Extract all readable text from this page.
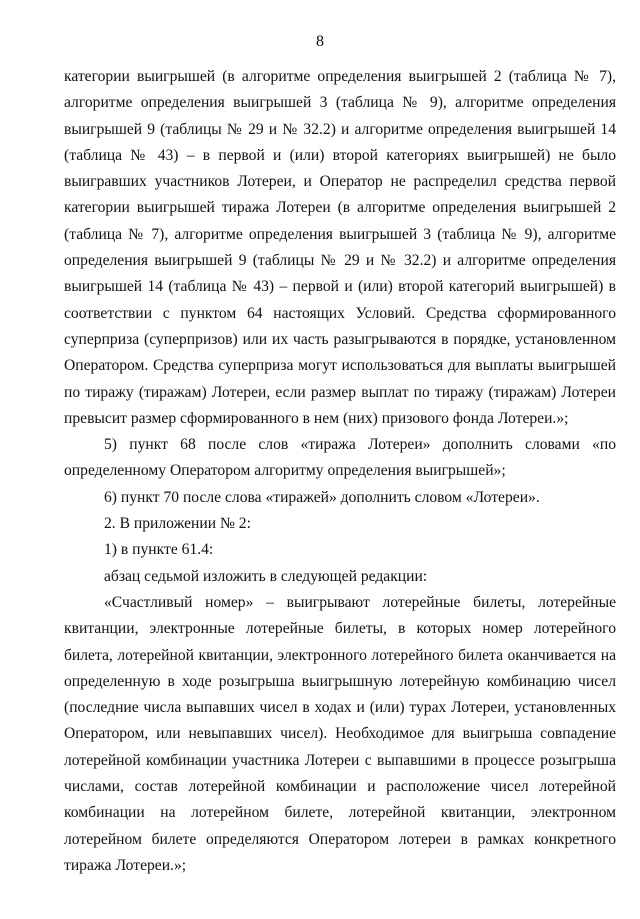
8

категории выигрышей (в алгоритме определения выигрышей 2 (таблица № 7), алгоритме определения выигрышей 3 (таблица № 9), алгоритме определения выигрышей 9 (таблицы № 29 и № 32.2) и алгоритме определения выигрышей 14 (таблица № 43) – в первой и (или) второй категориях выигрышей) не было выигравших участников Лотереи, и Оператор не распределил средства первой категории выигрышей тиража Лотереи (в алгоритме определения выигрышей 2 (таблица № 7), алгоритме определения выигрышей 3 (таблица № 9), алгоритме определения выигрышей 9 (таблицы № 29 и № 32.2) и алгоритме определения выигрышей 14 (таблица № 43) – первой и (или) второй категорий выигрышей) в соответствии с пунктом 64 настоящих Условий. Средства сформированного суперприза (суперпризов) или их часть разыгрываются в порядке, установленном Оператором. Средства суперприза могут использоваться для выплаты выигрышей по тиражу (тиражам) Лотереи, если размер выплат по тиражу (тиражам) Лотереи превысит размер сформированного в нем (них) призового фонда Лотереи.»;

5) пункт 68 после слов «тиража Лотереи» дополнить словами «по определенному Оператором алгоритму определения выигрышей»;

6) пункт 70 после слова «тиражей» дополнить словом «Лотереи».

2. В приложении № 2:

1) в пункте 61.4:

абзац седьмой изложить в следующей редакции:

«Счастливый номер» – выигрывают лотерейные билеты, лотерейные квитанции, электронные лотерейные билеты, в которых номер лотерейного билета, лотерейной квитанции, электронного лотерейного билета оканчивается на определенную в ходе розыгрыша выигрышную лотерейную комбинацию чисел (последние числа выпавших чисел в ходах и (или) турах Лотереи, установленных Оператором, или невыпавших чисел). Необходимое для выигрыша совпадение лотерейной комбинации участника Лотереи с выпавшими в процессе розыгрыша числами, состав лотерейной комбинации и расположение чисел лотерейной комбинации на лотерейном билете, лотерейной квитанции, электронном лотерейном билете определяются Оператором лотереи в рамках конкретного тиража Лотереи.»;
